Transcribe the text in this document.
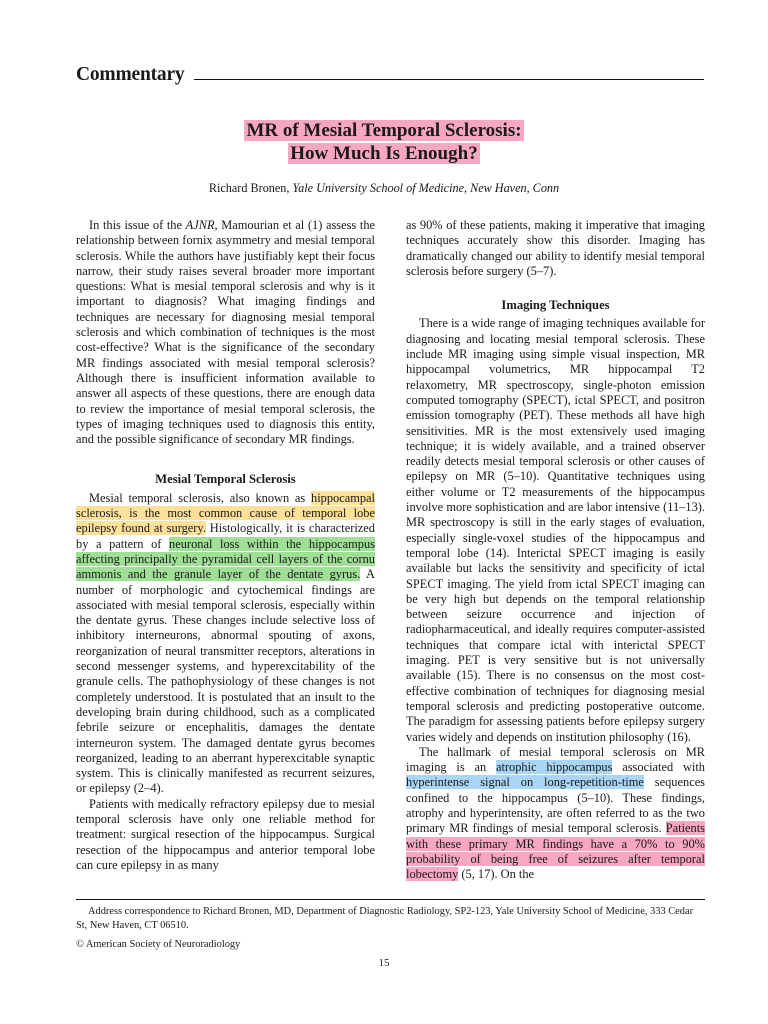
Commentary
MR of Mesial Temporal Sclerosis:
How Much Is Enough?
Richard Bronen, Yale University School of Medicine, New Haven, Conn

In this issue of the AJNR, Mamourian et al (1) assess the relationship between fornix asymmetry and mesial temporal sclerosis. While the authors have justifiably kept their focus narrow, their study raises several broader more important questions: What is mesial temporal sclerosis and why is it important to diagnosis? What imaging findings and techniques are necessary for diagnosing mesial temporal sclerosis and which combination of techniques is the most cost-effective? What is the significance of the secondary MR findings associated with mesial temporal sclerosis? Although there is insufficient information available to answer all aspects of these questions, there are enough data to review the importance of mesial temporal sclerosis, the types of imaging techniques used to diagnosis this entity, and the possible significance of secondary MR findings.

Mesial Temporal Sclerosis

Mesial temporal sclerosis, also known as hippocampal sclerosis, is the most common cause of temporal lobe epilepsy found at surgery. Histologically, it is characterized by a pattern of neuronal loss within the hippocampus affecting principally the pyramidal cell layers of the cornu ammonis and the granule layer of the dentate gyrus. A number of morphologic and cytochemical findings are associated with mesial temporal sclerosis, especially within the dentate gyrus. These changes include selective loss of inhibitory interneurons, abnormal spouting of axons, reorganization of neural transmitter receptors, alterations in second messenger systems, and hyperexcitability of the granule cells. The pathophysiology of these changes is not completely understood. It is postulated that an insult to the developing brain during childhood, such as a complicated febrile seizure or encephalitis, damages the dentate interneuron system. The damaged dentate gyrus becomes reorganized, leading to an aberrant hyperexcitable synaptic system. This is clinically manifested as recurrent seizures, or epilepsy (2–4).

Patients with medically refractory epilepsy due to mesial temporal sclerosis have only one reliable method for treatment: surgical resection of the hippocampus. Surgical resection of the hippocampus and anterior temporal lobe can cure epilepsy in as many

as 90% of these patients, making it imperative that imaging techniques accurately show this disorder. Imaging has dramatically changed our ability to identify mesial temporal sclerosis before surgery (5–7).

Imaging Techniques

There is a wide range of imaging techniques available for diagnosing and locating mesial temporal sclerosis. These include MR imaging using simple visual inspection, MR hippocampal volumetrics, MR hippocampal T2 relaxometry, MR spectroscopy, single-photon emission computed tomography (SPECT), ictal SPECT, and positron emission tomography (PET). These methods all have high sensitivities. MR is the most extensively used imaging technique; it is widely available, and a trained observer readily detects mesial temporal sclerosis or other causes of epilepsy on MR (5–10). Quantitative techniques using either volume or T2 measurements of the hippocampus involve more sophistication and are labor intensive (11–13). MR spectroscopy is still in the early stages of evaluation, especially single-voxel studies of the hippocampus and temporal lobe (14). Interictal SPECT imaging is easily available but lacks the sensitivity and specificity of ictal SPECT imaging. The yield from ictal SPECT imaging can be very high but depends on the temporal relationship between seizure occurrence and injection of radiopharmaceutical, and ideally requires computer-assisted techniques that compare ictal with interictal SPECT imaging. PET is very sensitive but is not universally available (15). There is no consensus on the most cost-effective combination of techniques for diagnosing mesial temporal sclerosis and predicting postoperative outcome. The paradigm for assessing patients before epilepsy surgery varies widely and depends on institution philosophy (16).

The hallmark of mesial temporal sclerosis on MR imaging is an atrophic hippocampus associated with hyperintense signal on long-repetition-time sequences confined to the hippocampus (5–10). These findings, atrophy and hyperintensity, are often referred to as the two primary MR findings of mesial temporal sclerosis. Patients with these primary MR findings have a 70% to 90% probability of being free of seizures after temporal lobectomy (5, 17). On the

Address correspondence to Richard Bronen, MD, Department of Diagnostic Radiology, SP2-123, Yale University School of Medicine, 333 Cedar St, New Haven, CT 06510.
© American Society of Neuroradiology
15
